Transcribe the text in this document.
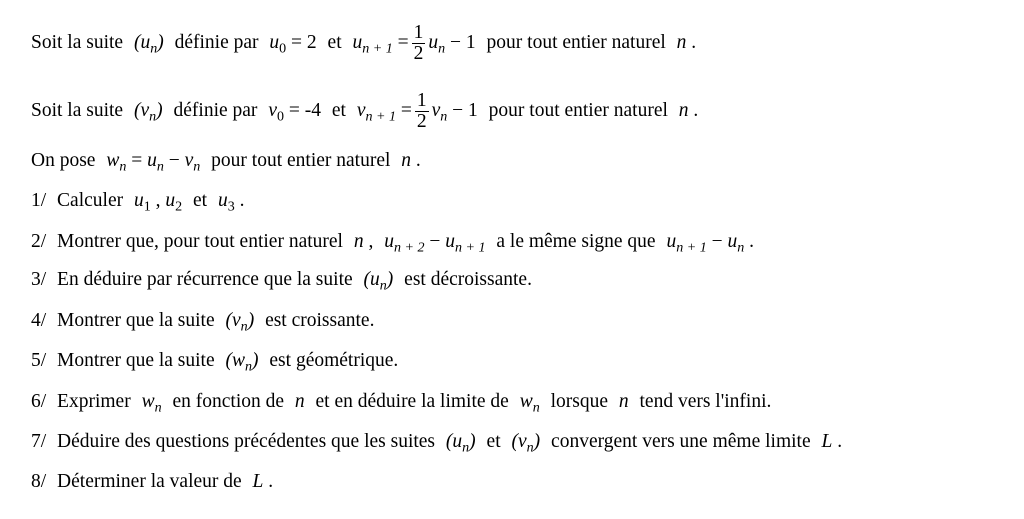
Soit la suite $(u_n)$ définie par $u_0 = 2$ et $u_{n + 1} = \frac{1}{2} u_n - 1$ pour tout entier naturel n .
Soit la suite $(v_n)$ définie par $v_0 = -4$ et $v_{n + 1} = \frac{1}{2} v_n - 1$ pour tout entier naturel n .
On pose $w_n = u_n - v_n$ pour tout entier naturel n .
1/ Calculer $u_1$ , $u_2$ et $u_3$ .
2/ Montrer que, pour tout entier naturel n , $u_{n + 2} - u_{n + 1}$ a le même signe que $u_{n + 1} - u_n$ .
3/ En déduire par récurrence que la suite $(u_n)$ est décroissante.
4/ Montrer que la suite $(v_n)$ est croissante.
5/ Montrer que la suite $(w_n)$ est géométrique.
6/ Exprimer $w_n$ en fonction de n et en déduire la limite de $w_n$ lorsque n tend vers l'infini.
7/ Déduire des questions précédentes que les suites $(u_n)$ et $(v_n)$ convergent vers une même limite L .
8/ Déterminer la valeur de L .
